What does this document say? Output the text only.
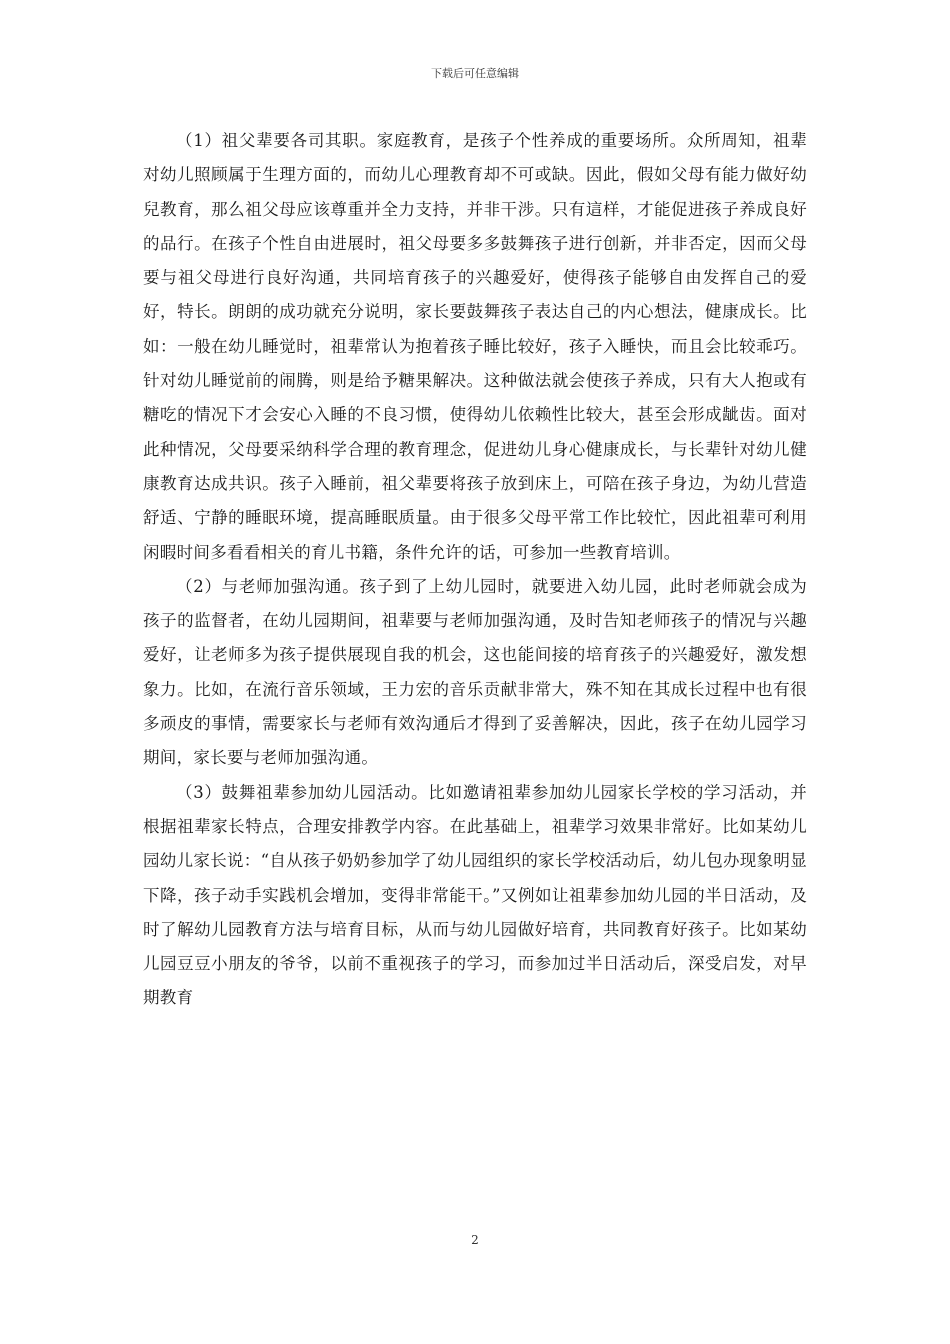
下载后可任意编辑

（1）祖父辈要各司其职。家庭教育，是孩子个性养成的重要场所。众所周知，祖辈对幼儿照顾属于生理方面的，而幼儿心理教育却不可或缺。因此，假如父母有能力做好幼兒教育，那么祖父母应该尊重并全力支持，并非干涉。只有這样，才能促进孩子养成良好的品行。在孩子个性自由进展时，祖父母要多多鼓舞孩子进行创新，并非否定，因而父母要与祖父母进行良好沟通，共同培育孩子的兴趣爱好，使得孩子能够自由发挥自己的爱好，特长。朗朗的成功就充分说明，家长要鼓舞孩子表达自己的内心想法，健康成长。比如：一般在幼儿睡觉时，祖辈常认为抱着孩子睡比较好，孩子入睡快，而且会比较乖巧。针对幼儿睡觉前的闹腾，则是给予糖果解决。这种做法就会使孩子养成，只有大人抱或有糖吃的情况下才会安心入睡的不良习惯，使得幼儿依赖性比较大，甚至会形成龇齿。面对此种情况，父母要采纳科学合理的教育理念，促进幼儿身心健康成长，与长辈针对幼儿健康教育达成共识。孩子入睡前，祖父辈要将孩子放到床上，可陪在孩子身边，为幼儿营造舒适、宁静的睡眠环境，提高睡眠质量。由于很多父母平常工作比较忙，因此祖辈可利用闲暇时间多看看相关的育儿书籍，条件允许的话，可参加一些教育培训。

（2）与老师加强沟通。孩子到了上幼儿园时，就要进入幼儿园，此时老师就会成为孩子的监督者，在幼儿园期间，祖辈要与老师加强沟通，及时告知老师孩子的情况与兴趣爱好，让老师多为孩子提供展现自我的机会，这也能间接的培育孩子的兴趣爱好，激发想象力。比如，在流行音乐领域，王力宏的音乐贡献非常大，殊不知在其成长过程中也有很多顽皮的事情，需要家长与老师有效沟通后才得到了妥善解决，因此，孩子在幼儿园学习期间，家长要与老师加强沟通。

（3）鼓舞祖辈参加幼儿园活动。比如邀请祖辈参加幼儿园家长学校的学习活动，并根据祖辈家长特点，合理安排教学内容。在此基础上，祖辈学习效果非常好。比如某幼儿园幼儿家长说：“自从孩子奶奶参加学了幼儿园组织的家长学校活动后，幼儿包办现象明显下降，孩子动手实践机会增加，变得非常能干。”又例如让祖辈参加幼儿园的半日活动，及时了解幼儿园教育方法与培育目标，从而与幼儿园做好培育，共同教育好孩子。比如某幼儿园豆豆小朋友的爷爷，以前不重视孩子的学习，而参加过半日活动后，深受启发，对早期教育

2
